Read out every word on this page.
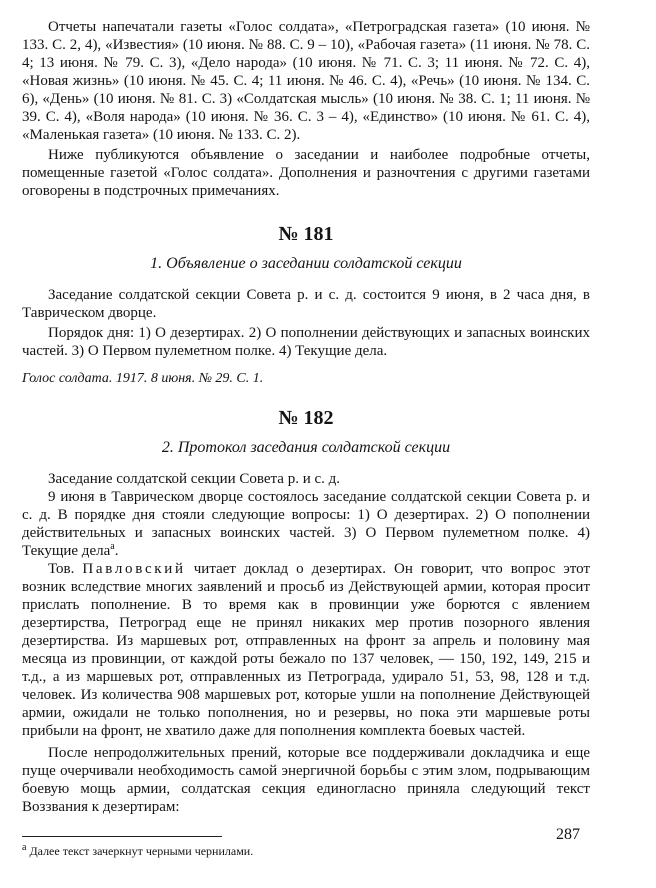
Отчеты напечатали газеты «Голос солдата», «Петроградская газета» (10 июня. № 133. С. 2, 4), «Известия» (10 июня. № 88. С. 9 – 10), «Рабочая газета» (11 июня. № 78. С. 4; 13 июня. № 79. С. 3), «Дело народа» (10 июня. № 71. С. 3; 11 июня. № 72. С. 4), «Новая жизнь» (10 июня. № 45. С. 4; 11 июня. № 46. С. 4), «Речь» (10 июня. № 134. С. 6), «День» (10 июня. № 81. С. 3) «Солдатская мысль» (10 июня. № 38. С. 1; 11 июня. № 39. С. 4), «Воля народа» (10 июня. № 36. С. 3 – 4), «Единство» (10 июня. № 61. С. 4), «Маленькая газета» (10 июня. № 133. С. 2).

Ниже публикуются объявление о заседании и наиболее подробные отчеты, помещенные газетой «Голос солдата». Дополнения и разночтения с другими газетами оговорены в подстрочных примечаниях.

№ 181
1. Объявление о заседании солдатской секции

Заседание солдатской секции Совета р. и с. д. состоится 9 июня, в 2 часа дня, в Таврическом дворце.

Порядок дня: 1) О дезертирах. 2) О пополнении действующих и запасных воинских частей. 3) О Первом пулеметном полке. 4) Текущие дела.

Голос солдата. 1917. 8 июня. № 29. С. 1.

№ 182
2. Протокол заседания солдатской секции

Заседание солдатской секции Совета р. и с. д.

9 июня в Таврическом дворце состоялось заседание солдатской секции Совета р. и с. д. В порядке дня стояли следующие вопросы: 1) О дезертирах. 2) О пополнении действительных и запасных воинских частей. 3) О Первом пулеметном полке. 4) Текущие дела$^а$.

Тов. Павловский читает доклад о дезертирах. Он говорит, что вопрос этот возник вследствие многих заявлений и просьб из Действующей армии, которая просит прислать пополнение. В то время как в провинции уже борются с явлением дезертирства, Петроград еще не принял никаких мер против позорного явления дезертирства. Из маршевых рот, отправленных на фронт за апрель и половину мая месяца из провинции, от каждой роты бежало по 137 человек, — 150, 192, 149, 215 и т.д., а из маршевых рот, отправленных из Петрограда, удирало 51, 53, 98, 128 и т.д. человек. Из количества 908 маршевых рот, которые ушли на пополнение Действующей армии, ожидали не только пополнения, но и резервы, но пока эти маршевые роты прибыли на фронт, не хватило даже для пополнения комплекта боевых частей.

После непродолжительных прений, которые все поддерживали докладчика и еще пуще очерчивали необходимость самой энергичной борьбы с этим злом, подрывающим боевую мощь армии, солдатская секция единогласно приняла следующий текст Воззвания к дезертирам:

$^а$ Далее текст зачеркнут черными чернилами.

287
